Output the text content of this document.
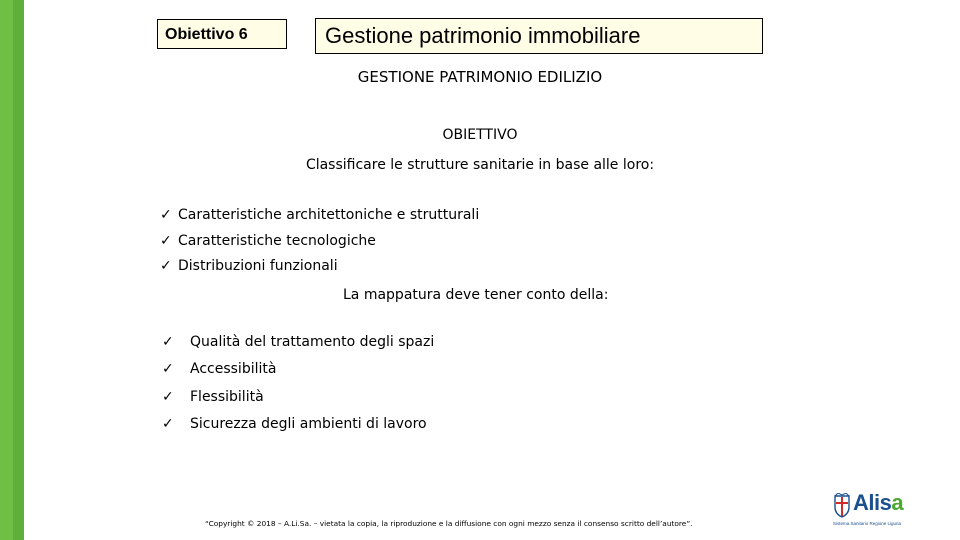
Obiettivo 6	Gestione patrimonio immobiliare
GESTIONE PATRIMONIO EDILIZIO
OBIETTIVO
Classificare le strutture sanitarie in base alle loro:
✓ Caratteristiche architettoniche e strutturali
✓ Caratteristiche tecnologiche
✓ Distribuzioni funzionali
La mappatura deve tener conto della:
✓ Qualità del trattamento degli spazi
✓ Accessibilità
✓ Flessibilità
✓ Sicurezza degli ambienti di lavoro
“Copyright © 2018 – A.Li.Sa. – vietata la copia, la riproduzione e la diffusione con ogni mezzo senza il consenso scritto dell’autore”.
Alisa
Sistema Sanitario Regione Liguria
